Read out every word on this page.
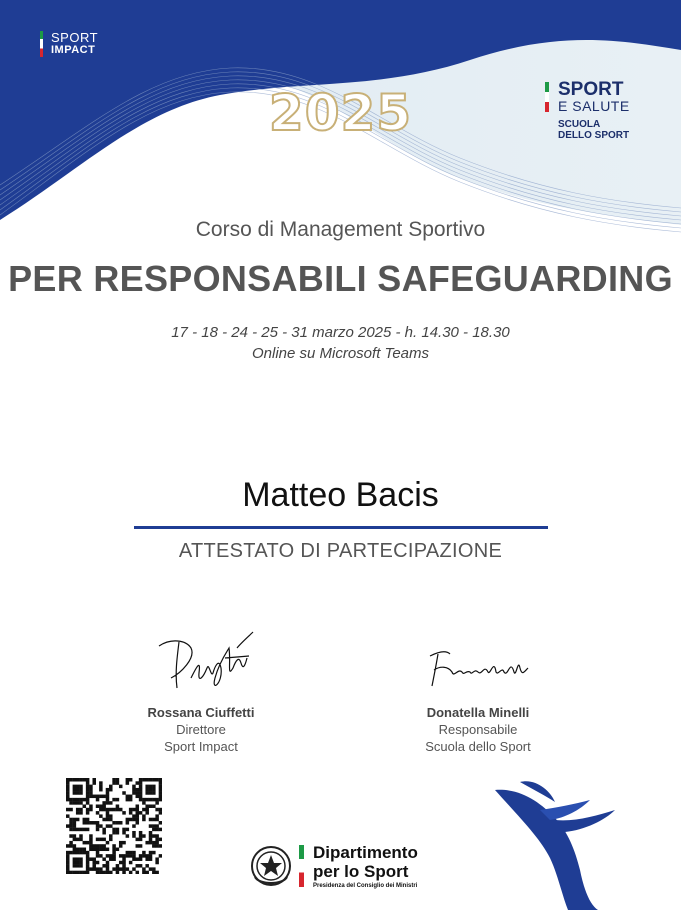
SPORT
IMPACT
2025	SPORT
E SALUTE
SCUOLA
DELLO SPORT
Corso di Management Sportivo
PER RESPONSABILI SAFEGUARDING
17 - 18 - 24 - 25 - 31 marzo 2025 - h. 14.30 - 18.30
Online su Microsoft Teams
Matteo Bacis
ATTESTATO DI PARTECIPAZIONE
Rossana Ciuffetti
Direttore
Sport Impact
Donatella Minelli
Responsabile
Scuola dello Sport
Dipartimento
per lo Sport
Presidenza del Consiglio dei Ministri
